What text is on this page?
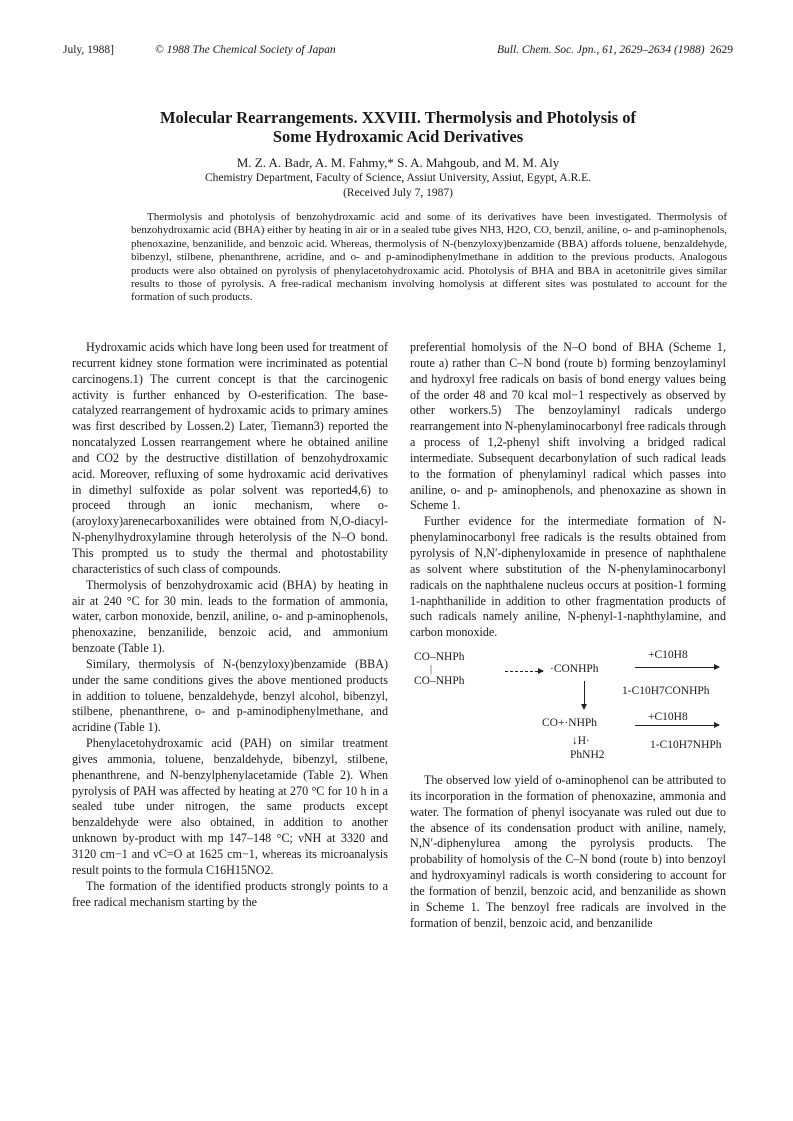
July, 1988]	© 1988 The Chemical Society of Japan	Bull. Chem. Soc. Jpn., 61, 2629–2634 (1988) 2629
Molecular Rearrangements. XXVIII. Thermolysis and Photolysis of
Some Hydroxamic Acid Derivatives
M. Z. A. Badr, A. M. Fahmy,* S. A. Mahgoub, and M. M. Aly
Chemistry Department, Faculty of Science, Assiut University, Assiut, Egypt, A.R.E.
(Received July 7, 1987)

Thermolysis and photolysis of benzohydroxamic acid and some of its derivatives have been investigated. Thermolysis of benzohydroxamic acid (BHA) either by heating in air or in a sealed tube gives NH3, H2O, CO, benzil, aniline, o- and p-aminophenols, phenoxazine, benzanilide, and benzoic acid. Whereas, thermolysis of N-(benzyloxy)benzamide (BBA) affords toluene, benzaldehyde, bibenzyl, stilbene, phenanthrene, acridine, and o- and p-aminodiphenylmethane in addition to the previous products. Analogous products were also obtained on pyrolysis of phenylacetohydroxamic acid. Photolysis of BHA and BBA in acetonitrile gives similar results to those of pyrolysis. A free-radical mechanism involving homolysis at different sites was postulated to account for the formation of such products.

Hydroxamic acids which have long been used for treatment of recurrent kidney stone formation were incriminated as potential carcinogens.1) The current concept is that the carcinogenic activity is further enhanced by O-esterification. The base-catalyzed rearrangement of hydroxamic acids to primary amines was first described by Lossen.2) Later, Tiemann3) reported the noncatalyzed Lossen rearrangement where he obtained aniline and CO2 by the destructive distillation of benzohydroxamic acid. Moreover, refluxing of some hydroxamic acid derivatives in dimethyl sulfoxide as polar solvent was reported4,6) to proceed through an ionic mechanism, where o-(aroyloxy)arenecarboxanilides were obtained from N,O-diacyl-N-phenylhydroxylamine through heterolysis of the N–O bond. This prompted us to study the thermal and photostability characteristics of such class of compounds.

Thermolysis of benzohydroxamic acid (BHA) by heating in air at 240 °C for 30 min. leads to the formation of ammonia, water, carbon monoxide, benzil, aniline, o- and p-aminophenols, phenoxazine, benzanilide, benzoic acid, and ammonium benzoate (Table 1).

Similary, thermolysis of N-(benzyloxy)benzamide (BBA) under the same conditions gives the above mentioned products in addition to toluene, benzaldehyde, benzyl alcohol, bibenzyl, stilbene, phenanthrene, o- and p-aminodiphenylmethane, and acridine (Table 1).

Phenylacetohydroxamic acid (PAH) on similar treatment gives ammonia, toluene, benzaldehyde, bibenzyl, stilbene, phenanthrene, and N-benzylphenylacetamide (Table 2). When pyrolysis of PAH was affected by heating at 270 °C for 10 h in a sealed tube under nitrogen, the same products except benzaldehyde were also obtained, in addition to another unknown by-product with mp 147–148 °C; νNH at 3320 and 3120 cm−1 and νC=O at 1625 cm−1, whereas its microanalysis result points to the formula C16H15NO2.

The formation of the identified products strongly points to a free radical mechanism starting by the

preferential homolysis of the N–O bond of BHA (Scheme 1, route a) rather than C–N bond (route b) forming benzoylaminyl and hydroxyl free radicals on basis of bond energy values being of the order 48 and 70 kcal mol−1 respectively as observed by other workers.5) The benzoylaminyl radicals undergo rearrangement into N-phenylaminocarbonyl free radicals through a process of 1,2-phenyl shift involving a bridged radical intermediate. Subsequent decarbonylation of such radical leads to the formation of phenylaminyl radical which passes into aniline, o- and p- aminophenols, and phenoxazine as shown in Scheme 1.

Further evidence for the intermediate formation of N-phenylaminocarbonyl free radicals is the results obtained from pyrolysis of N,N′-diphenyloxamide in presence of naphthalene as solvent where substitution of the N-phenylaminocarbonyl radicals on the naphthalene nucleus occurs at position-1 forming 1-naphthanilide in addition to other fragmentation products of such radicals namely aniline, N-phenyl-1-naphthylamine, and carbon monoxide.

CO–NHPh
|
CO–NHPh
·CONHPh
+C10H8
1-C10H7CONHPh
CO+·NHPh	+C10H8
↓H·	1-C10H7NHPh
PhNH2

The observed low yield of o-aminophenol can be attributed to its incorporation in the formation of phenoxazine, ammonia and water. The formation of phenyl isocyanate was ruled out due to the absence of its condensation product with aniline, namely, N,N′-diphenylurea among the pyrolysis products. The probability of homolysis of the C–N bond (route b) into benzoyl and hydroxyaminyl radicals is worth considering to account for the formation of benzil, benzoic acid, and benzanilide as shown in Scheme 1. The benzoyl free radicals are involved in the formation of benzil, benzoic acid, and benzanilide
